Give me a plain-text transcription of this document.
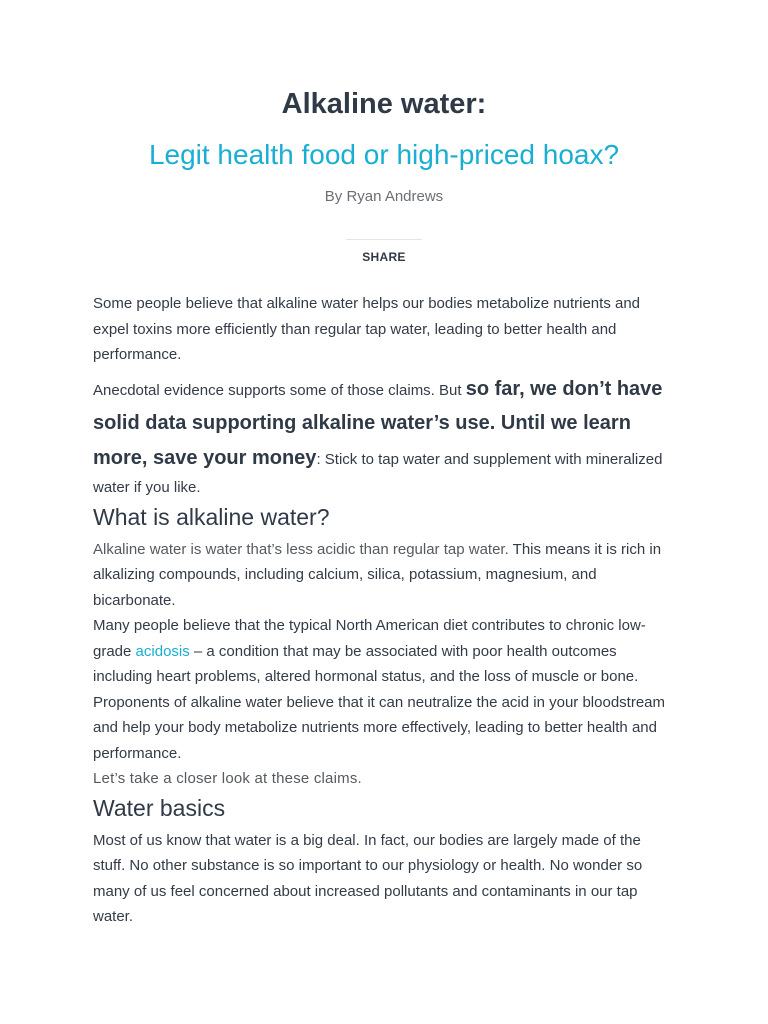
Alkaline water:
Legit health food or high-priced hoax?
By Ryan Andrews
SHARE

Some people believe that alkaline water helps our bodies metabolize nutrients and expel toxins more efficiently than regular tap water, leading to better health and performance.

Anecdotal evidence supports some of those claims. But so far, we don’t have solid data supporting alkaline water’s use. Until we learn more, save your money: Stick to tap water and supplement with mineralized water if you like.

What is alkaline water?

Alkaline water is water that’s less acidic than regular tap water. This means it is rich in alkalizing compounds, including calcium, silica, potassium, magnesium, and bicarbonate.

Many people believe that the typical North American diet contributes to chronic low-grade acidosis – a condition that may be associated with poor health outcomes including heart problems, altered hormonal status, and the loss of muscle or bone.

Proponents of alkaline water believe that it can neutralize the acid in your bloodstream and help your body metabolize nutrients more effectively, leading to better health and performance.

Let’s take a closer look at these claims.

Water basics

Most of us know that water is a big deal. In fact, our bodies are largely made of the stuff. No other substance is so important to our physiology or health. No wonder so many of us feel concerned about increased pollutants and contaminants in our tap water.
